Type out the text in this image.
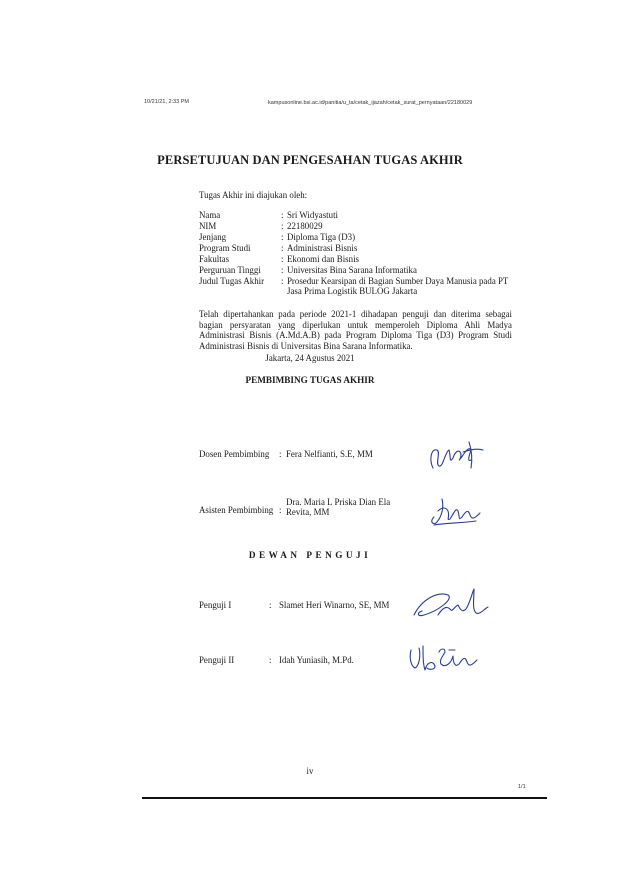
10/21/21, 2:33 PM	kampusonline.bsi.ac.id/panitia/u_ta/cetak_ijazah/cetak_surat_pernyataan/22180029
PERSETUJUAN DAN PENGESAHAN TUGAS AKHIR
Tugas Akhir ini diajukan oleh:
Nama	: Sri Widyastuti
NIM	: 22180029
Jenjang	: Diploma Tiga (D3)
Program Studi	: Administrasi Bisnis
Fakultas	: Ekonomi dan Bisnis
Perguruan Tinggi	: Universitas Bina Sarana Informatika
Judul Tugas Akhir	: Prosedur Kearsipan di Bagian Sumber Daya Manusia pada PT Jasa Prima Logistik BULOG Jakarta
Telah dipertahankan pada periode 2021-1 dihadapan penguji dan diterima sebagai bagian persyaratan yang diperlukan untuk memperoleh Diploma Ahli Madya Administrasi Bisnis (A.Md.A.B) pada Program Diploma Tiga (D3) Program Studi Administrasi Bisnis di Universitas Bina Sarana Informatika.
Jakarta, 24 Agustus 2021
PEMBIMBING TUGAS AKHIR
Dosen Pembimbing : Fera Nelfianti, S.E, MM
Asisten Pembimbing :
Dra. Maria L Priska Dian Ela Revita, MM
DEWAN PENGUJI
Penguji I	: Slamet Heri Winarno, SE, MM
Penguji II	: Idah Yuniasih, M.Pd.
iv
1/1
